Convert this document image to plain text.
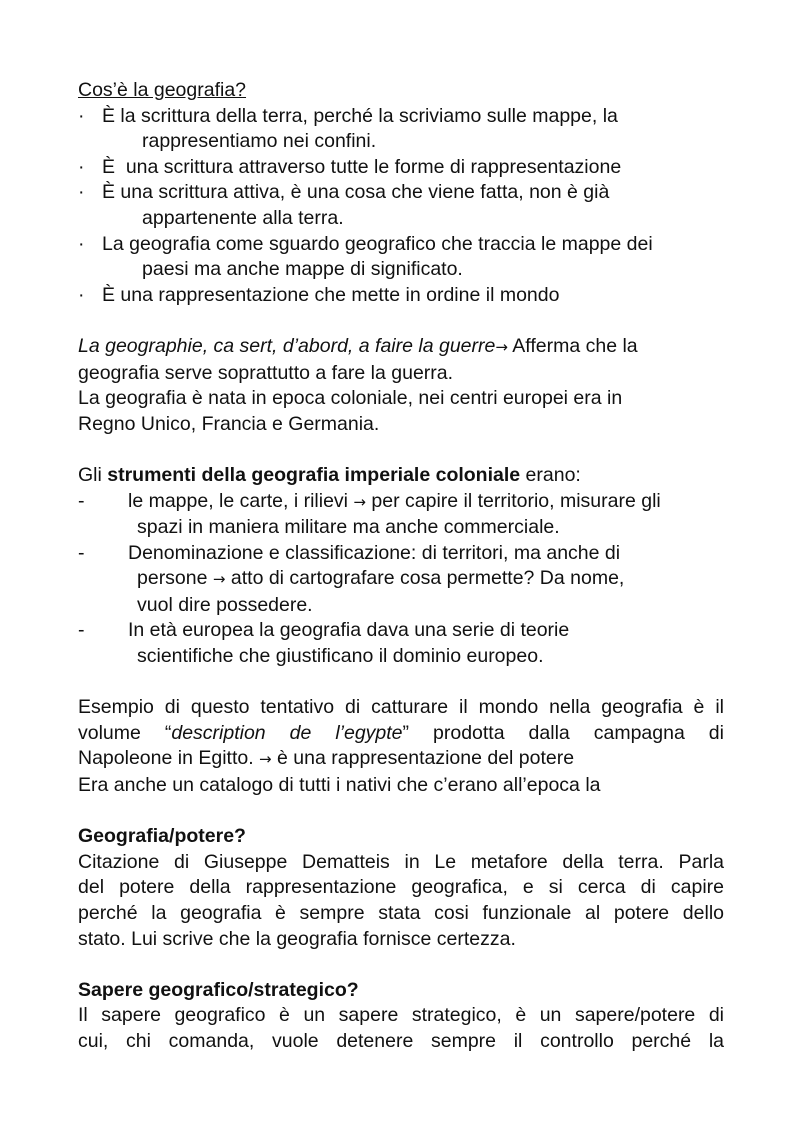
Cos’è la geografia?

· È la scrittura della terra, perché la scriviamo sulle mappe, la
rappresentiamo nei confini.
· È  una scrittura attraverso tutte le forme di rappresentazione
· È una scrittura attiva, è una cosa che viene fatta, non è già
appartenente alla terra.
· La geografia come sguardo geografico che traccia le mappe dei
paesi ma anche mappe di significato.
· È una rappresentazione che mette in ordine il mondo

La geographie, ca sert, d’abord, a faire la guerre→ Afferma che la

geografia serve soprattutto a fare la guerra.

La geografia è nata in epoca coloniale, nei centri europei era in

Regno Unico, Francia e Germania.

Gli strumenti della geografia imperiale coloniale erano:

-	le mappe, le carte, i rilievi → per capire il territorio, misurare gli
spazi in maniera militare ma anche commerciale.
-	Denominazione e classificazione: di territori, ma anche di
persone → atto di cartografare cosa permette? Da nome,
vuol dire possedere.
-	In età europea la geografia dava una serie di teorie
scientifiche che giustificano il dominio europeo.

Esempio di questo tentativo di catturare il mondo nella geografia è il

volume “description de l’egypte” prodotta dalla campagna di

Napoleone in Egitto. → è una rappresentazione del potere

Era anche un catalogo di tutti i nativi che c’erano all’epoca la

Geografia/potere?

Citazione di Giuseppe Dematteis in Le metafore della terra. Parla

del potere della rappresentazione geografica, e si cerca di capire

perché la geografia è sempre stata cosi funzionale al potere dello

stato. Lui scrive che la geografia fornisce certezza.

Sapere geografico/strategico?

Il sapere geografico è un sapere strategico, è un sapere/potere di

cui, chi comanda, vuole detenere sempre il controllo perché la
